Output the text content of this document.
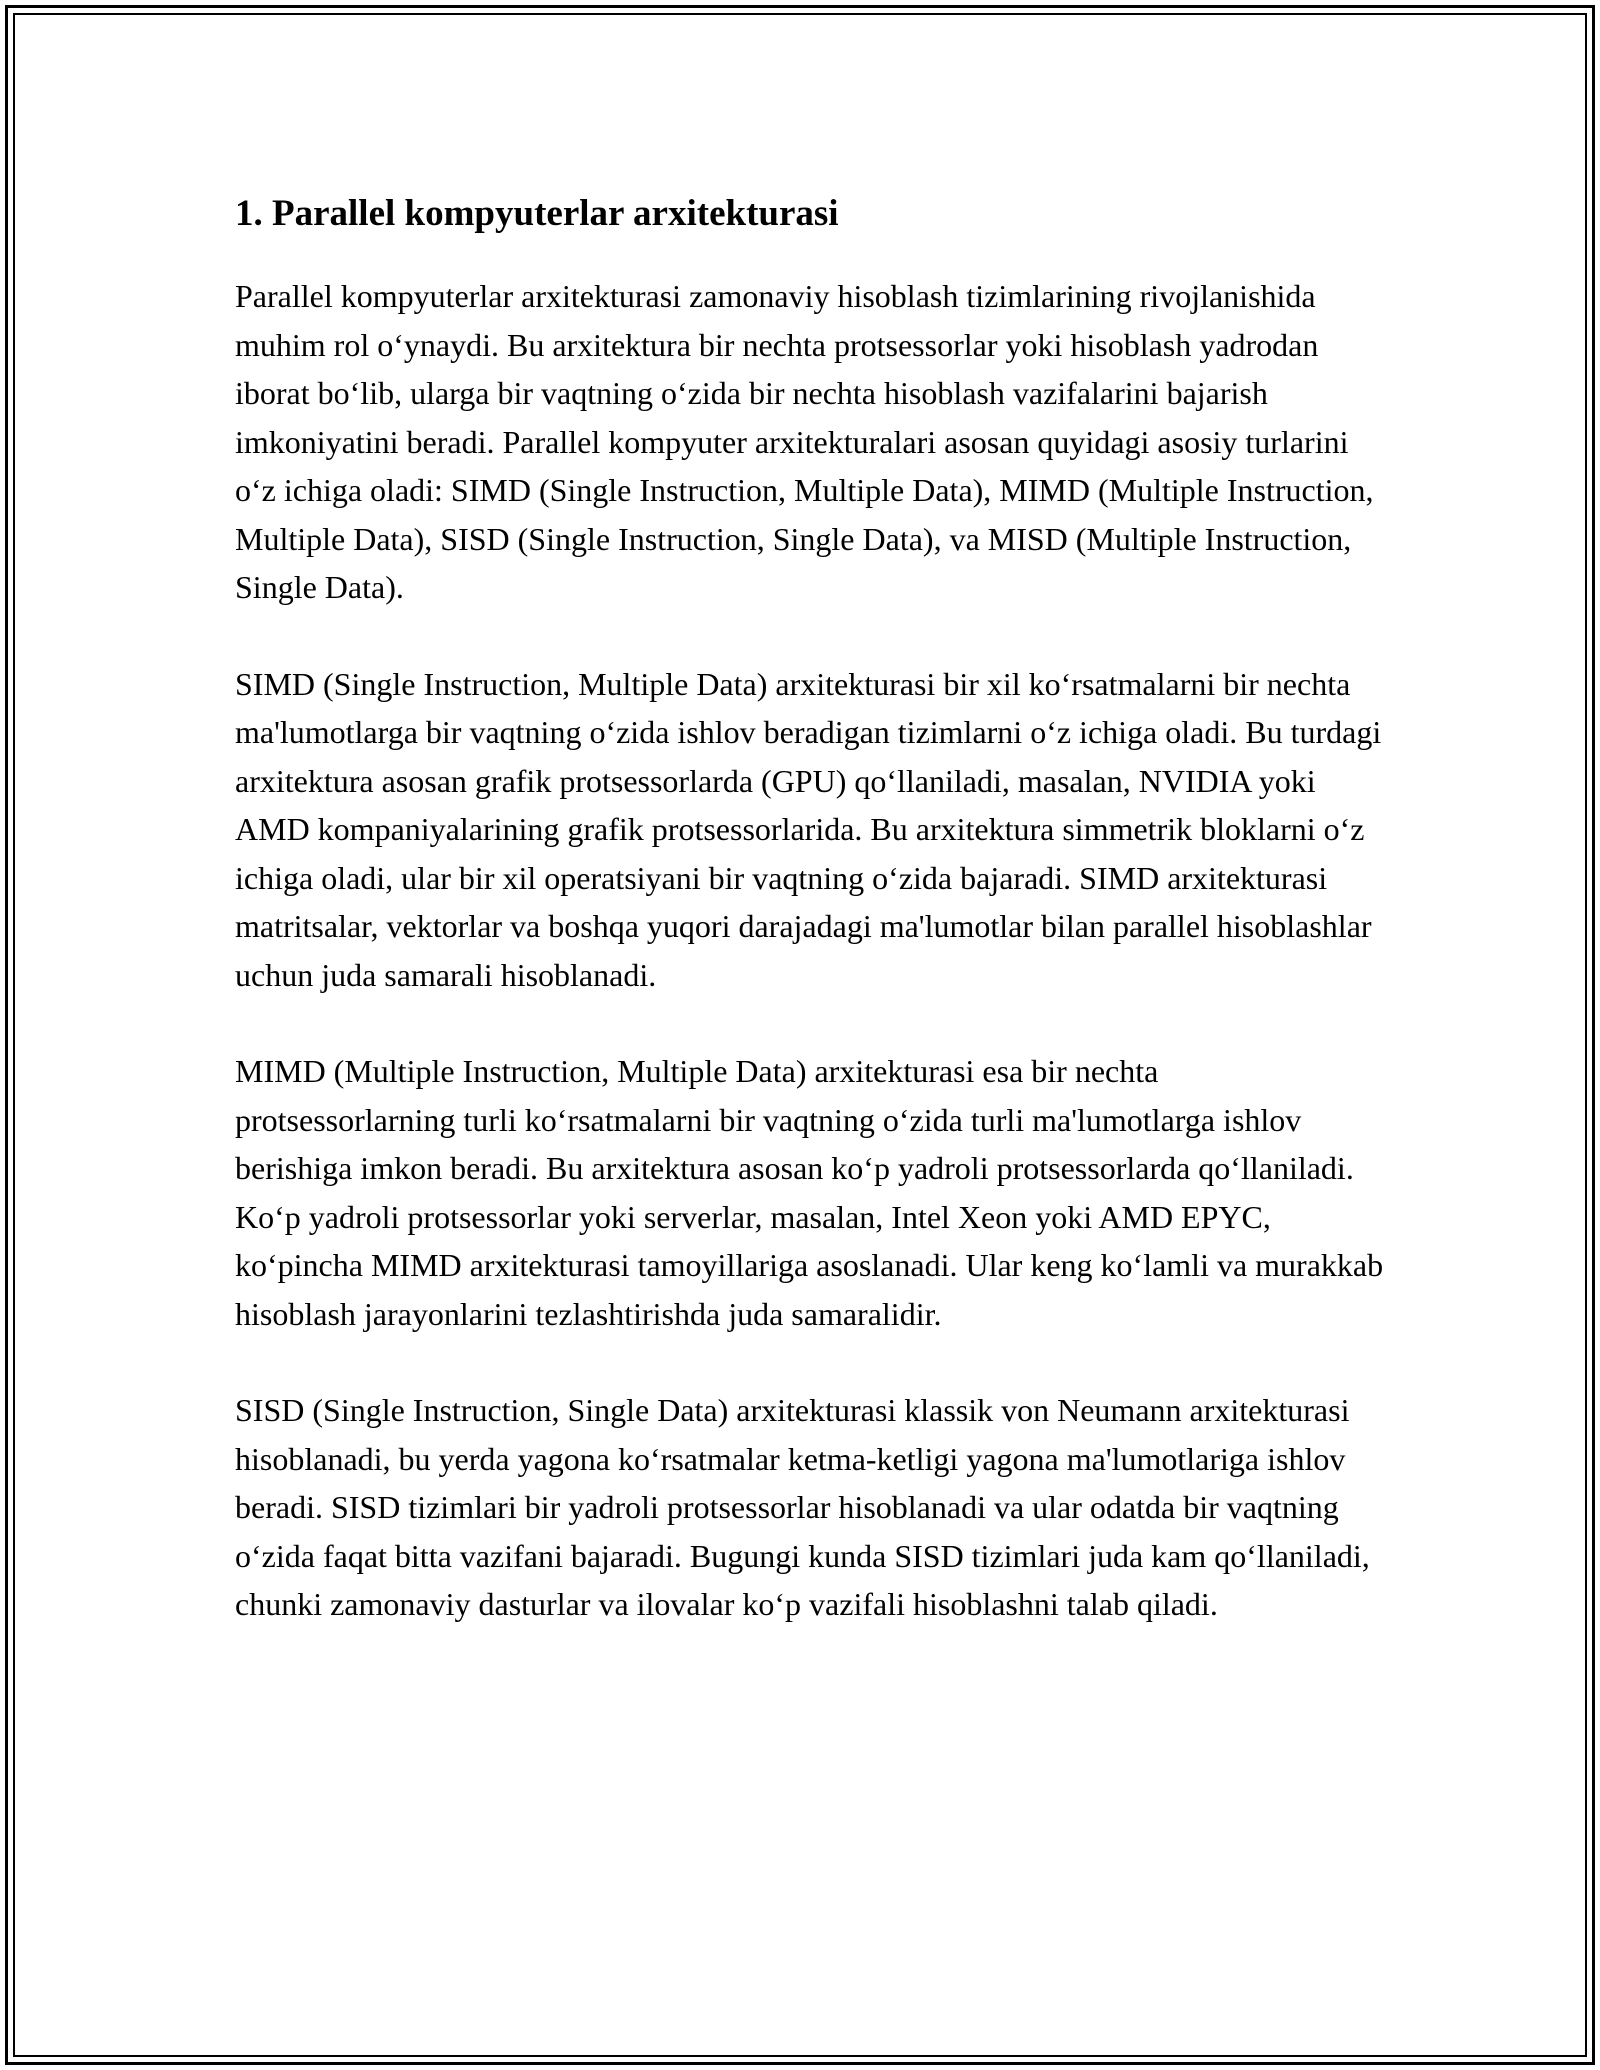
1. Parallel kompyuterlar arxitekturasi

Parallel kompyuterlar arxitekturasi zamonaviy hisoblash tizimlarining rivojlanishida muhim rol o‘ynaydi. Bu arxitektura bir nechta protsessorlar yoki hisoblash yadrodan iborat bo‘lib, ularga bir vaqtning o‘zida bir nechta hisoblash vazifalarini bajarish imkoniyatini beradi. Parallel kompyuter arxitekturalari asosan quyidagi asosiy turlarini o‘z ichiga oladi: SIMD (Single Instruction, Multiple Data), MIMD (Multiple Instruction, Multiple Data), SISD (Single Instruction, Single Data), va MISD (Multiple Instruction, Single Data).

SIMD (Single Instruction, Multiple Data) arxitekturasi bir xil ko‘rsatmalarni bir nechta ma'lumotlarga bir vaqtning o‘zida ishlov beradigan tizimlarni o‘z ichiga oladi. Bu turdagi arxitektura asosan grafik protsessorlarda (GPU) qo‘llaniladi, masalan, NVIDIA yoki AMD kompaniyalarining grafik protsessorlarida. Bu arxitektura simmetrik bloklarni o‘z ichiga oladi, ular bir xil operatsiyani bir vaqtning o‘zida bajaradi. SIMD arxitekturasi matritsalar, vektorlar va boshqa yuqori darajadagi ma'lumotlar bilan parallel hisoblashlar uchun juda samarali hisoblanadi.

MIMD (Multiple Instruction, Multiple Data) arxitekturasi esa bir nechta protsessorlarning turli ko‘rsatmalarni bir vaqtning o‘zida turli ma'lumotlarga ishlov berishiga imkon beradi. Bu arxitektura asosan ko‘p yadroli protsessorlarda qo‘llaniladi. Ko‘p yadroli protsessorlar yoki serverlar, masalan, Intel Xeon yoki AMD EPYC, ko‘pincha MIMD arxitekturasi tamoyillariga asoslanadi. Ular keng ko‘lamli va murakkab hisoblash jarayonlarini tezlashtirishda juda samaralidir.

SISD (Single Instruction, Single Data) arxitekturasi klassik von Neumann arxitekturasi hisoblanadi, bu yerda yagona ko‘rsatmalar ketma-ketligi yagona ma'lumotlariga ishlov beradi. SISD tizimlari bir yadroli protsessorlar hisoblanadi va ular odatda bir vaqtning o‘zida faqat bitta vazifani bajaradi. Bugungi kunda SISD tizimlari juda kam qo‘llaniladi, chunki zamonaviy dasturlar va ilovalar ko‘p vazifali hisoblashni talab qiladi.
